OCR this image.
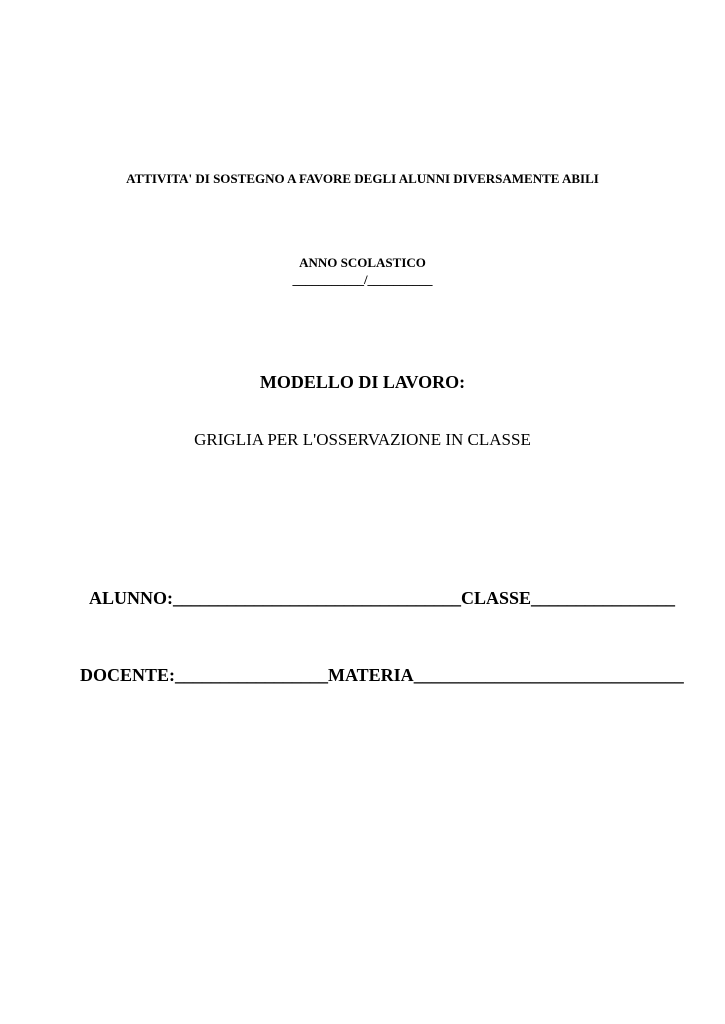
ATTIVITA' DI SOSTEGNO A FAVORE DEGLI ALUNNI DIVERSAMENTE ABILI
ANNO SCOLASTICO
___________/__________
MODELLO DI LAVORO:
GRIGLIA PER L'OSSERVAZIONE IN CLASSE
ALUNNO:________________________________CLASSE________________
DOCENTE:_________________MATERIA______________________________
